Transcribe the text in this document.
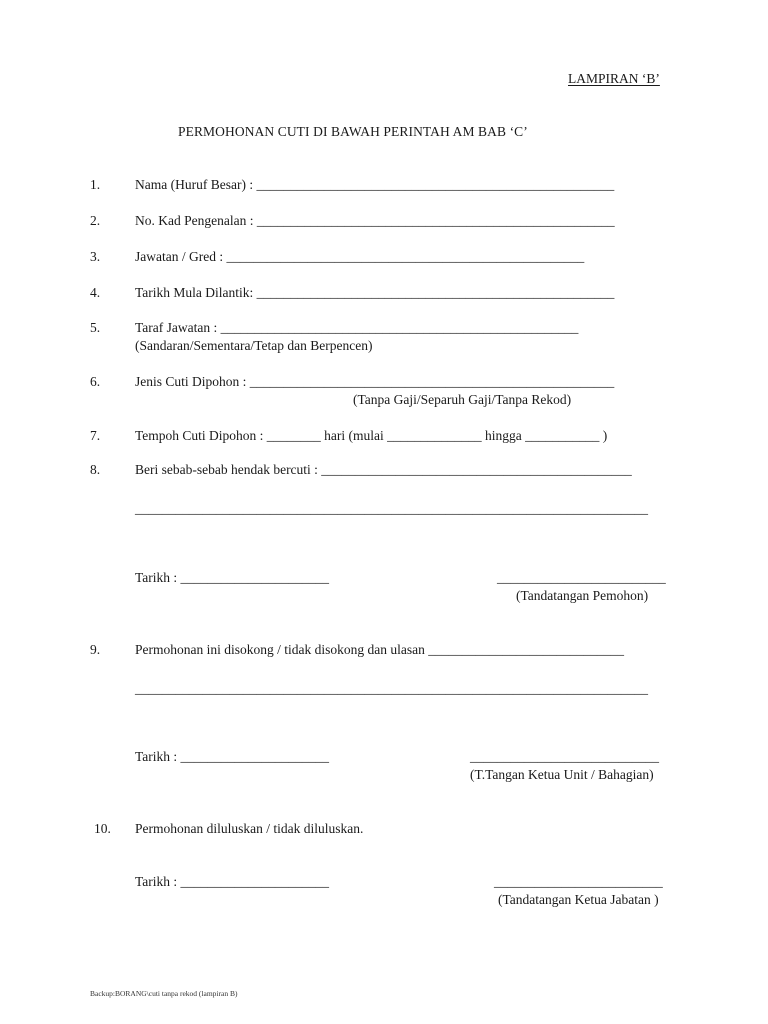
LAMPIRAN ‘B’
PERMOHONAN CUTI DI BAWAH PERINTAH AM BAB ‘C’
1.	Nama (Huruf Besar) : _____________________________________________________
2.	No. Kad Pengenalan : _____________________________________________________
3.	Jawatan / Gred : _____________________________________________________
4.	Tarikh Mula Dilantik: _____________________________________________________
5.	Taraf Jawatan : _____________________________________________________
(Sandaran/Sementara/Tetap dan Berpencen)
6.	Jenis Cuti Dipohon : ______________________________________________________
(Tanpa Gaji/Separuh Gaji/Tanpa Rekod)
7.	Tempoh Cuti Dipohon : ________ hari (mulai ______________ hingga ___________ )
8.	Beri sebab-sebab hendak bercuti : ______________________________________________
____________________________________________________________________________
Tarikh : ______________________	_________________________
(Tandatangan Pemohon)
9.	Permohonan ini disokong / tidak disokong dan ulasan _____________________________
____________________________________________________________________________
Tarikh : ______________________	____________________________
(T.Tangan Ketua Unit / Bahagian)
10. Permohonan diluluskan / tidak diluluskan.
Tarikh : ______________________	_________________________
(Tandatangan Ketua Jabatan )
Backup:BORANG\cuti tanpa rekod (lampiran B)
